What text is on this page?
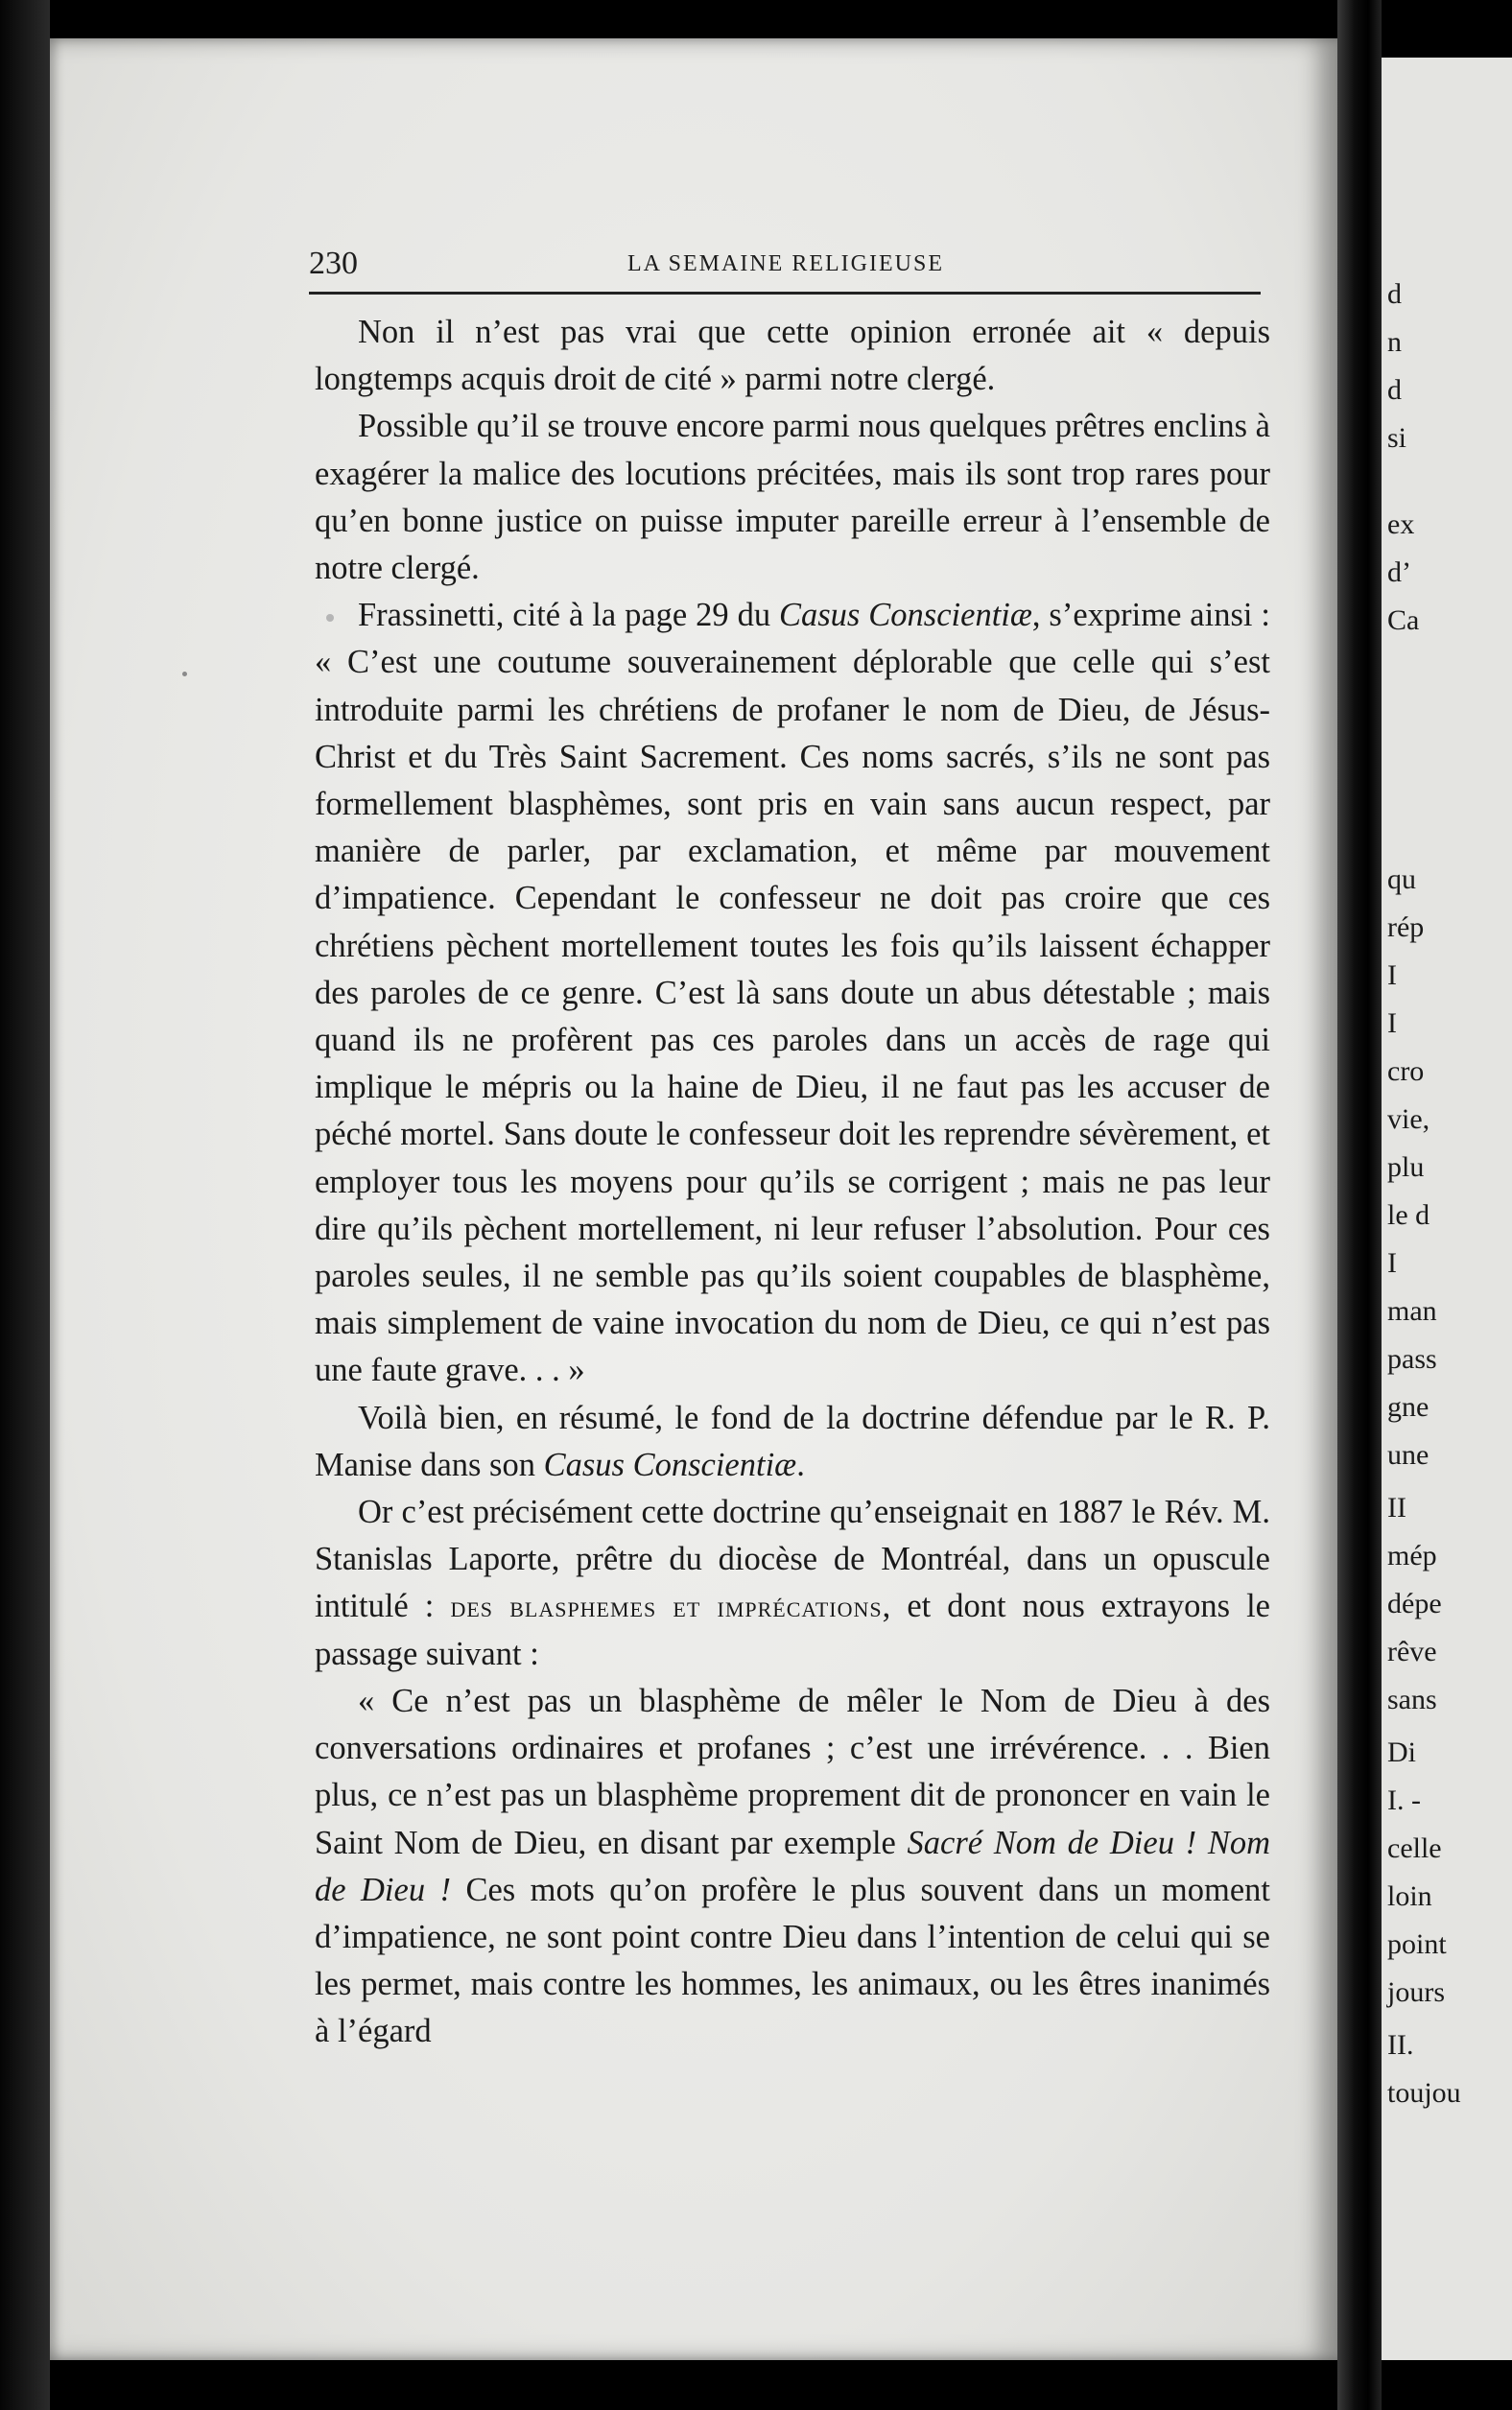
d
n
d
si
ex
d’
Ca
qu
rép
I
I
cro
vie,
plu
le d
I
man
pass
gne
une
II
mép
dépe
rêve
sans
Di
I. -
celle
loin
point
jours
II.
toujou
230	LA SEMAINE RELIGIEUSE

Non il n’est pas vrai que cette opinion erronée ait « depuis longtemps acquis droit de cité » parmi notre clergé.

Possible qu’il se trouve encore parmi nous quelques prêtres enclins à exagérer la malice des locutions précitées, mais ils sont trop rares pour qu’en bonne justice on puisse imputer pareille erreur à l’ensemble de notre clergé.

Frassinetti, cité à la page 29 du Casus Conscientiæ, s’exprime ainsi : « C’est une coutume souverainement déplorable que celle qui s’est introduite parmi les chrétiens de profaner le nom de Dieu, de Jésus-Christ et du Très Saint Sacrement. Ces noms sacrés, s’ils ne sont pas formellement blasphèmes, sont pris en vain sans aucun respect, par manière de parler, par exclamation, et même par mouvement d’impatience. Cependant le confesseur ne doit pas croire que ces chrétiens pèchent mortellement toutes les fois qu’ils laissent échapper des paroles de ce genre. C’est là sans doute un abus détestable ; mais quand ils ne profèrent pas ces paroles dans un accès de rage qui implique le mépris ou la haine de Dieu, il ne faut pas les accuser de péché mortel. Sans doute le confesseur doit les reprendre sévèrement, et employer tous les moyens pour qu’ils se corrigent ; mais ne pas leur dire qu’ils pèchent mortellement, ni leur refuser l’absolution. Pour ces paroles seules, il ne semble pas qu’ils soient coupables de blasphème, mais simplement de vaine invocation du nom de Dieu, ce qui n’est pas une faute grave. . . »

Voilà bien, en résumé, le fond de la doctrine défendue par le R. P. Manise dans son Casus Conscientiæ.

Or c’est précisément cette doctrine qu’enseignait en 1887 le Rév. M. Stanislas Laporte, prêtre du diocèse de Montréal, dans un opuscule intitulé : des blasphemes et imprécations, et dont nous extrayons le passage suivant :

« Ce n’est pas un blasphème de mêler le Nom de Dieu à des conversations ordinaires et profanes ; c’est une irrévérence. . . Bien plus, ce n’est pas un blasphème proprement dit de prononcer en vain le Saint Nom de Dieu, en disant par exemple Sacré Nom de Dieu ! Nom de Dieu ! Ces mots qu’on profère le plus souvent dans un moment d’impatience, ne sont point contre Dieu dans l’intention de celui qui se les permet, mais contre les hommes, les animaux, ou les êtres inanimés à l’égard
